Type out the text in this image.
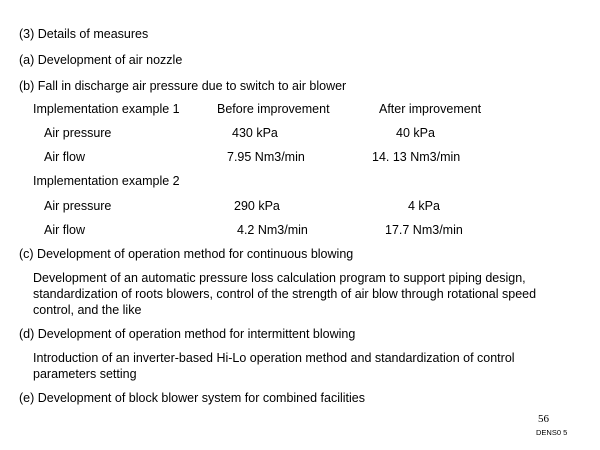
(3) Details of measures
(a) Development of air nozzle
(b) Fall in discharge air pressure due to switch to air blower
Implementation example 1	Before improvement	After improvement
Air pressure	430 kPa	40 kPa
Air flow	7.95 Nm3/min	14. 13 Nm3/min
Implementation example 2
Air pressure	290 kPa	4 kPa
Air flow	4.2 Nm3/min	17.7 Nm3/min
(c) Development of operation method for continuous blowing
Development of an automatic pressure loss calculation program to support piping design,
standardization of roots blowers, control of the strength of air blow through rotational speed
control, and the like
(d) Development of operation method for intermittent blowing
Introduction of an inverter-based Hi-Lo operation method and standardization of control
parameters setting
(e) Development of block blower system for combined facilities
56
DENS0 5
